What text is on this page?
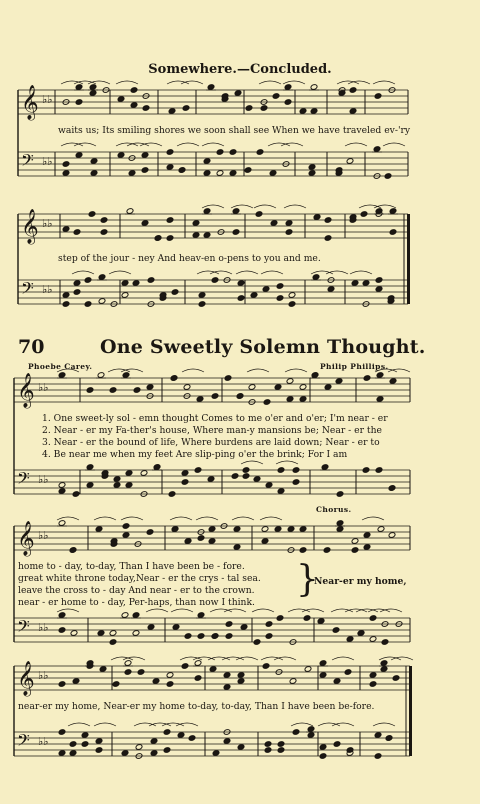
Somewhere.—Concluded.
70	One Sweetly Solemn Thought.
Phoebe Carey.	Philip Phillips.
𝄞 ♭♭
𝄢 ♭♭
𝄞 ♭♭
𝄢 ♭♭
𝄞 ♭♭
𝄢 ♭♭
𝄞 ♭♭
𝄢 ♭♭
𝄞 ♭♭
𝄢 ♭♭
waits us; Its smiling shores we soon shall see When we have traveled ev-'ry
step of the jour - ney And heav-en o-pens to you and me.
1. One sweet-ly sol - emn thought Comes to me o'er and o'er; I'm near - er
2. Near - er my Fa-ther's house, Where man-y mansions be; Near - er the
3. Near - er the bound of life, Where burdens are laid down; Near - er to
4. Be near me when my feet Are slip-ping o'er the brink; For I am
Chorus.
home to - day, to-day, Than I have been be - fore.
great white throne today,Near - er the crys - tal sea.
leave the cross to - day And near - er to the crown.
near - er home to - day, Per-haps, than now I think.
}
Near-er my home,
near-er my home, Near-er my home to-day, to-day, Than I have been be-fore.
